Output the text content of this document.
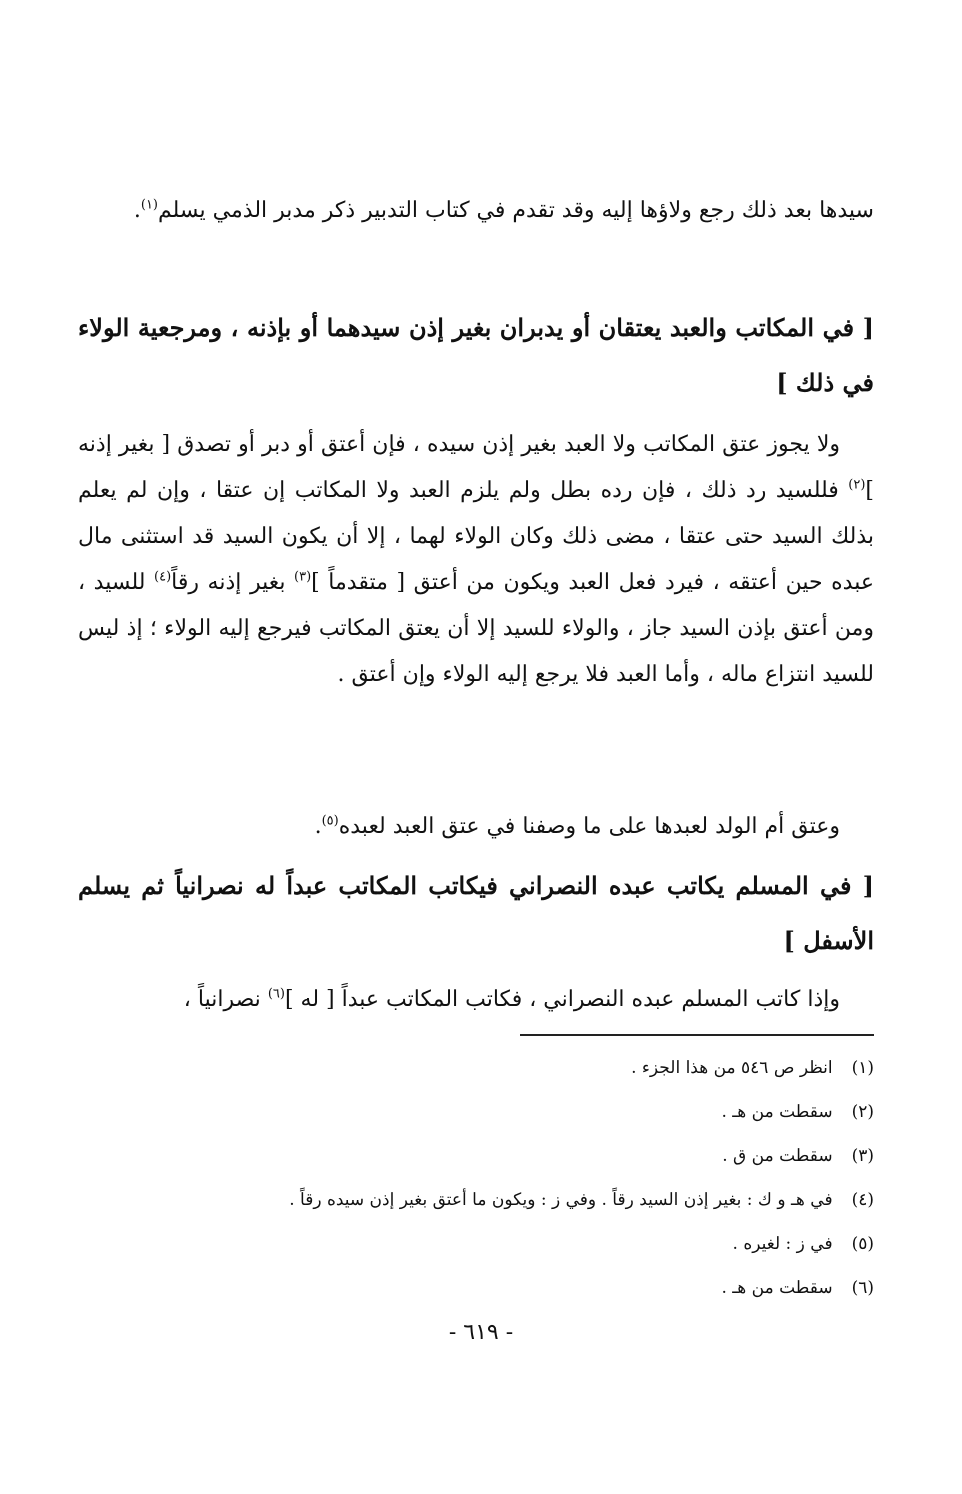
سيدها بعد ذلك رجع ولاؤها إليه وقد تقدم في كتاب التدبير ذكر مدبر الذمي يسلم$^{(١)}$.

[ في المكاتب والعبد يعتقان أو يدبران بغير إذن سيدهما أو بإذنه ، ومرجعية الولاء في ذلك ]

ولا يجوز عتق المكاتب ولا العبد بغير إذن سيده ، فإن أعتق أو دبر أو تصدق [ بغير إذنه ]$^{(٢)}$ فللسيد رد ذلك ، فإن رده بطل ولم يلزم العبد ولا المكاتب إن عتقا ، وإن لم يعلم بذلك السيد حتى عتقا ، مضى ذلك وكان الولاء لهما ، إلا أن يكون السيد قد استثنى مال عبده حين أعتقه ، فيرد فعل العبد ويكون من أعتق [ متقدماً ]$^{(٣)}$ بغير إذنه رقاً$^{(٤)}$ للسيد ، ومن أعتق بإذن السيد جاز ، والولاء للسيد إلا أن يعتق المكاتب فيرجع إليه الولاء ؛ إذ ليس للسيد انتزاع ماله ، وأما العبد فلا يرجع إليه الولاء وإن أعتق .

وعتق أم الولد لعبدها على ما وصفنا في عتق العبد لعبده$^{(٥)}$.

[ في المسلم يكاتب عبده النصراني فيكاتب المكاتب عبداً له نصرانياً ثم يسلم الأسفل ]

وإذا كاتب المسلم عبده النصراني ، فكاتب المكاتب عبداً [ له ]$^{(٦)}$ نصرانياً ،

(١) انظر ص ٥٤٦ من هذا الجزء .
(٢) سقطت من هـ .
(٣) سقطت من ق .
(٤) في هـ و ك : بغير إذن السيد رقاً . وفي ز : ويكون ما أعتق بغير إذن سيده رقاً .
(٥) في ز : لغيره .
(٦) سقطت من هـ .
- ٦١٩ -
